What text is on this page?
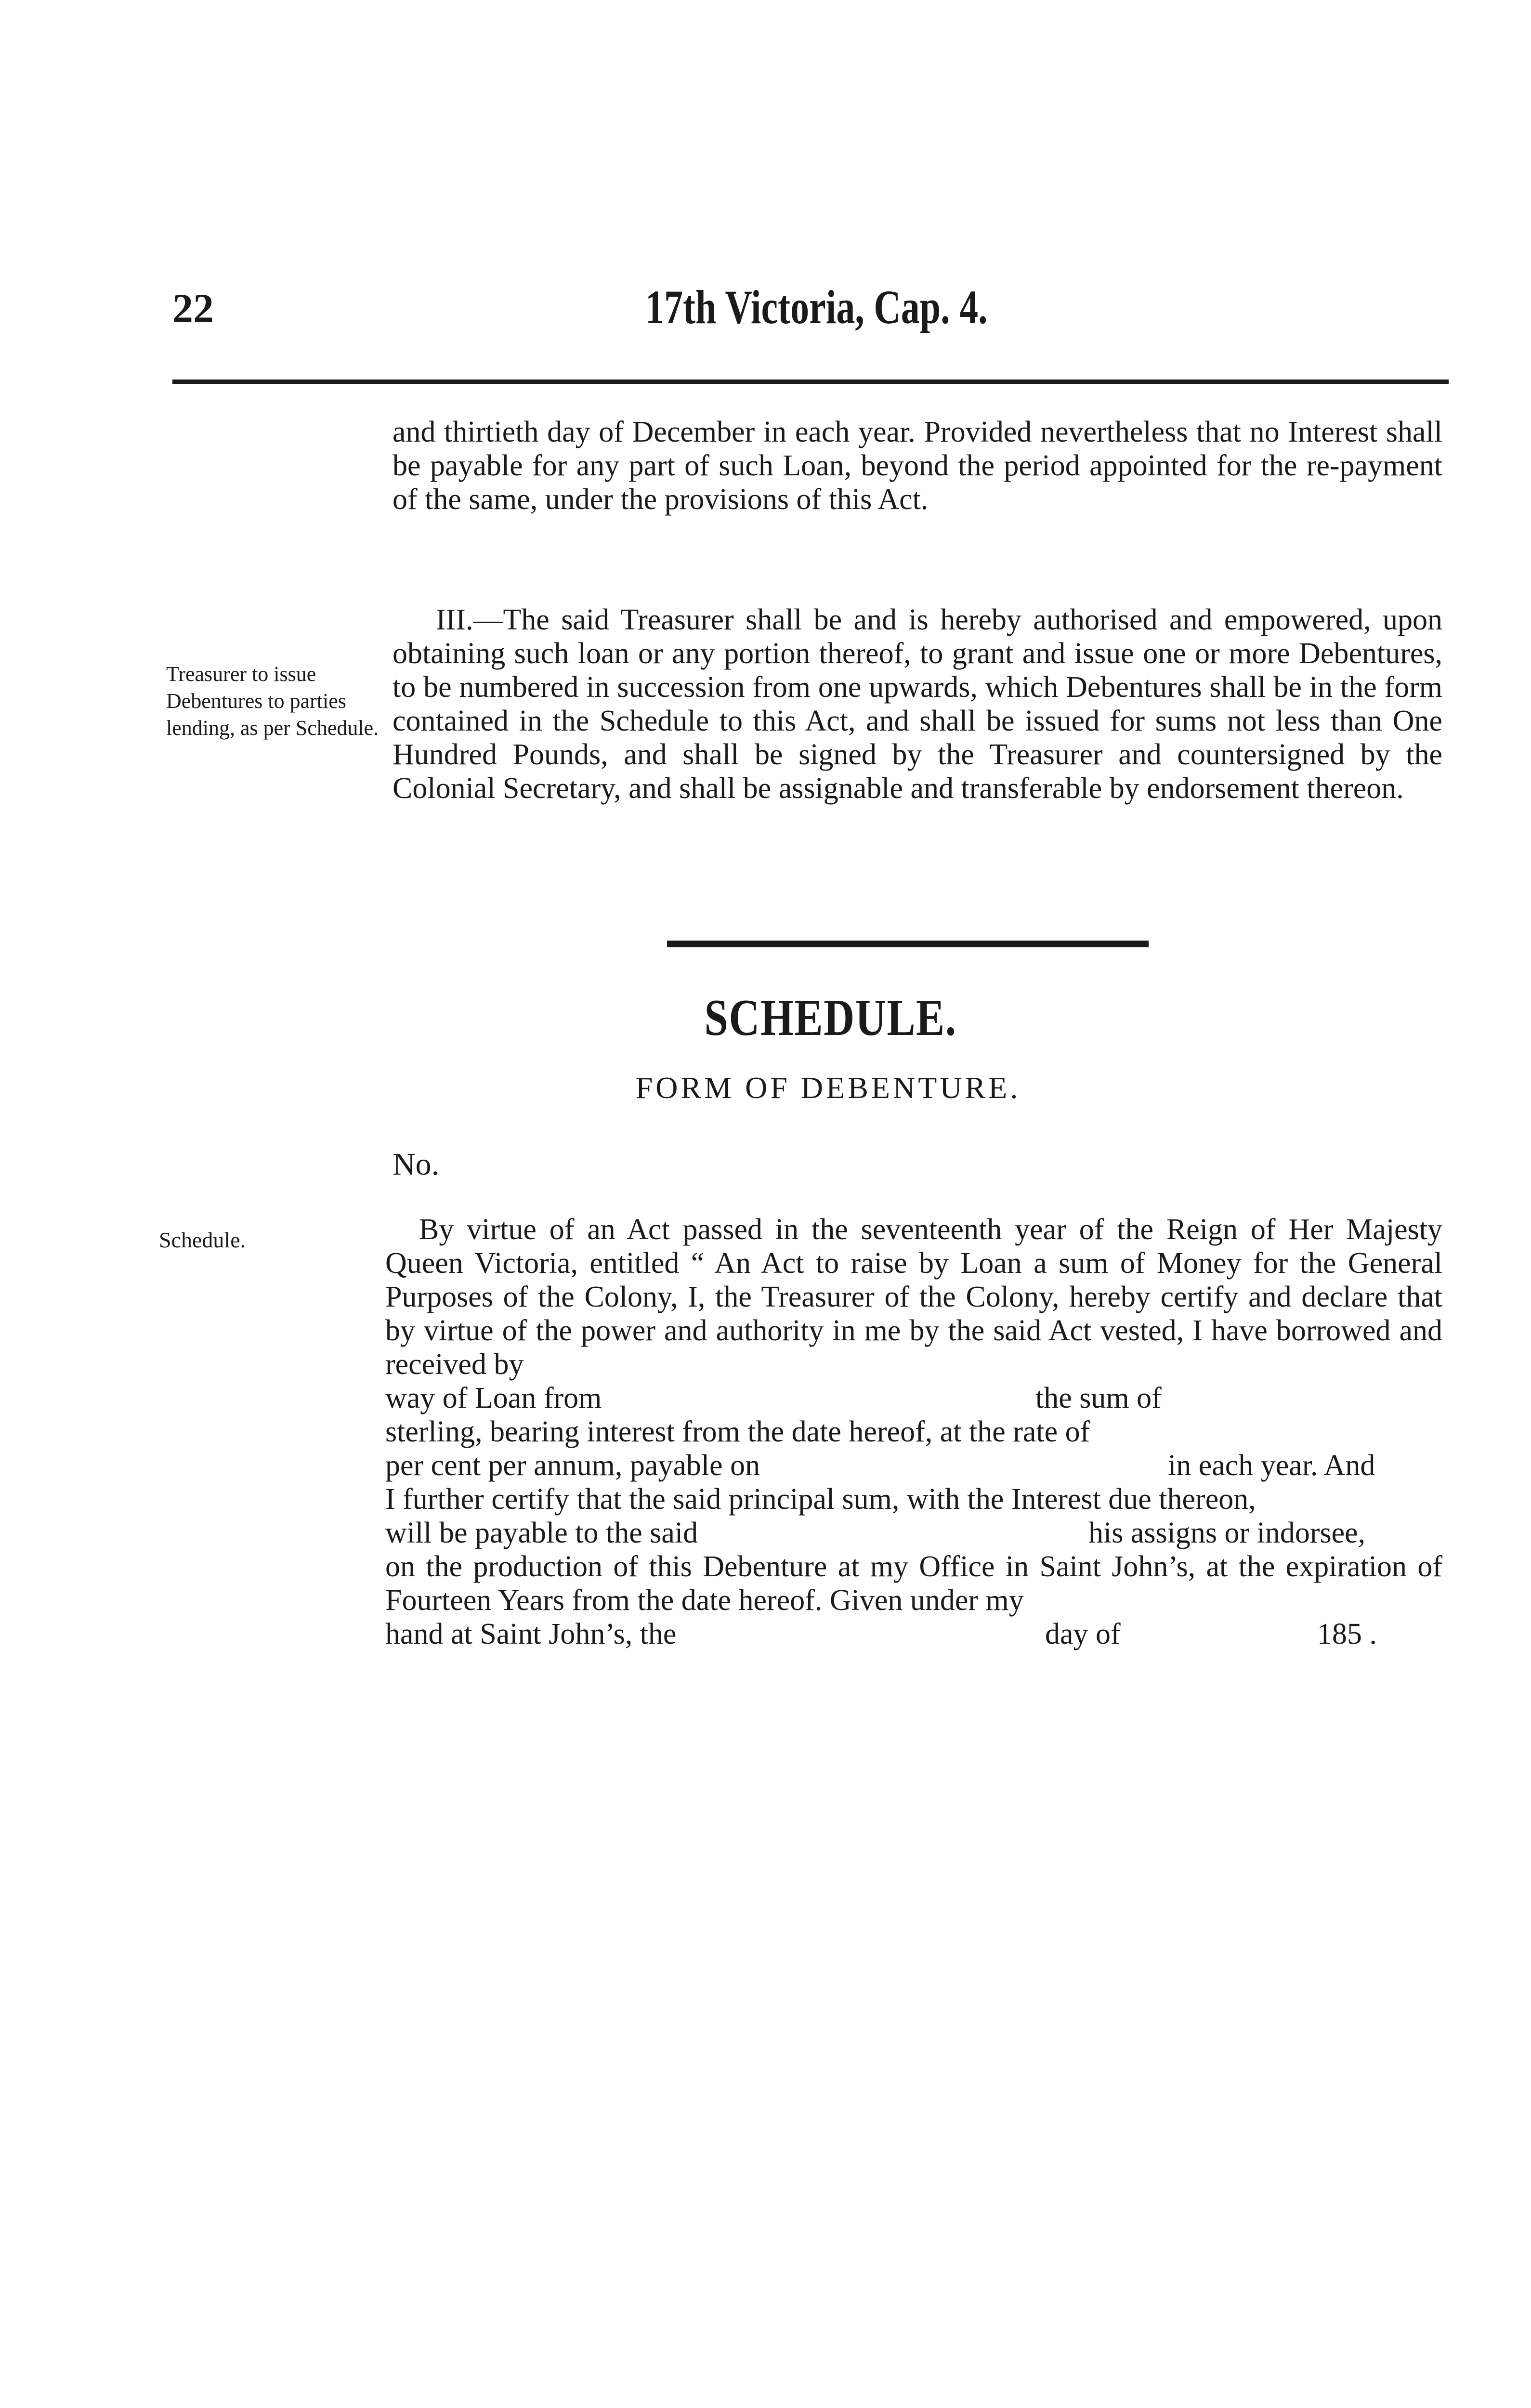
22	17th Victoria, Cap. 4.
and thirtieth day of December in each year. Provided nevertheless that no Interest shall be payable for any part of such Loan, beyond the period appointed for the re-payment of the same, under the provisions of this Act.
Treasurer to issue Debentures to parties lending, as per Schedule.
III.—The said Treasurer shall be and is hereby authorised and empowered, upon obtaining such loan or any portion thereof, to grant and issue one or more Debentures, to be numbered in succession from one upwards, which Debentures shall be in the form contained in the Schedule to this Act, and shall be issued for sums not less than One Hundred Pounds, and shall be signed by the Treasurer and countersigned by the Colonial Secretary, and shall be assignable and transferable by endorsement thereon.
SCHEDULE.
FORM OF DEBENTURE.
No.
Schedule.	By virtue of an Act passed in the seventeenth year of the Reign of Her Majesty Queen Victoria, entitled “ An Act to raise by Loan a sum of Money for the General Purposes of the Colony, I, the Treasurer of the Colony, hereby certify and declare that by virtue of the power and authority in me by the said Act vested, I have borrowed and received by
way of Loan from	the sum of
sterling, bearing interest from the date hereof, at the rate of
per cent per annum, payable on	in each year. And
I further certify that the said principal sum, with the Interest due thereon,
will be payable to the said	his assigns or indorsee,
on the production of this Debenture at my Office in Saint John’s, at the expiration of Fourteen Years from the date hereof. Given under my
hand at Saint John’s, the	day of	185 .
